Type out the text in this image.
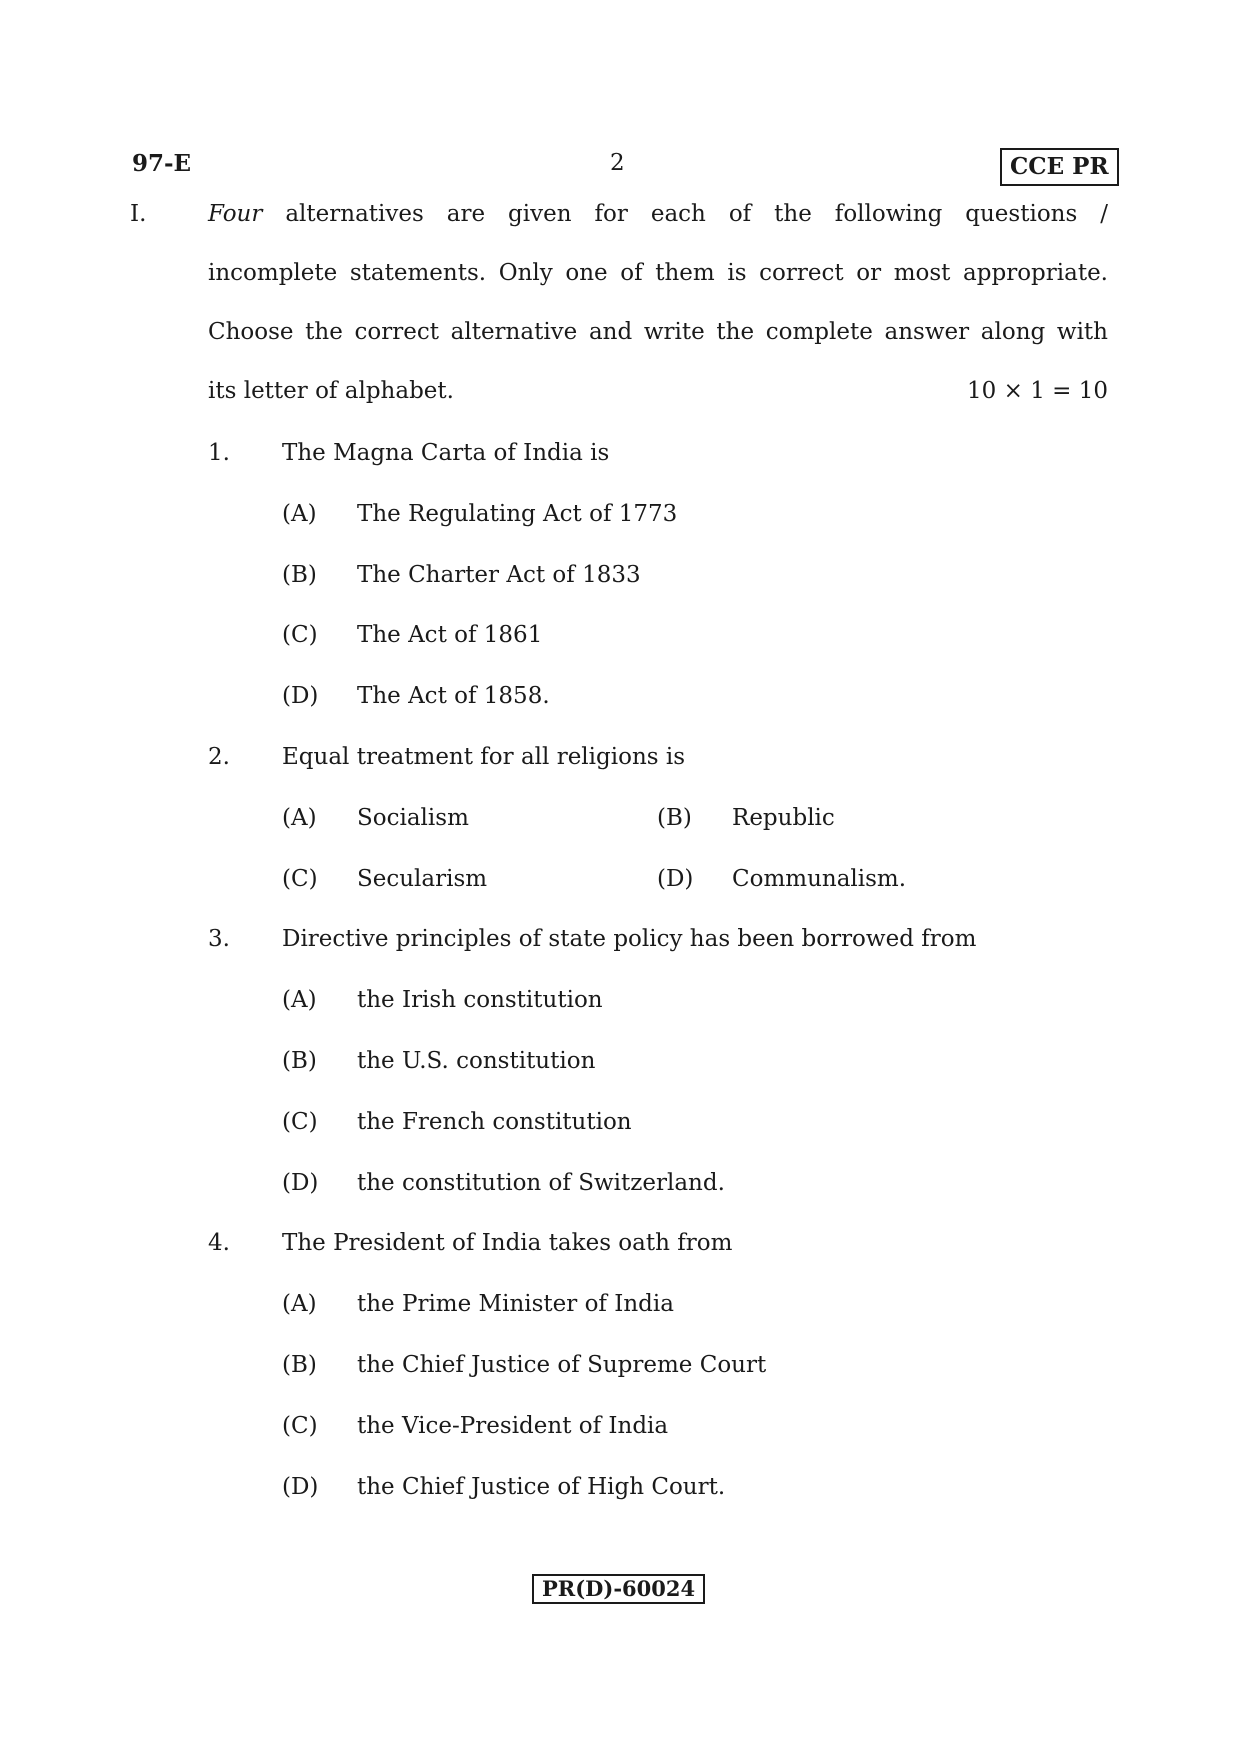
97-E	2	CCE PR
I.	Four alternatives are given for each of the following questions /
incomplete statements. Only one of them is correct or most appropriate.
Choose the correct alternative and write the complete answer along with
its letter of alphabet.	10 × 1 = 10
1. The Magna Carta of India is
(A) The Regulating Act of 1773
(B) The Charter Act of 1833
(C) The Act of 1861
(D) The Act of 1858.
2. Equal treatment for all religions is
(A) Socialism	(B) Republic
(C) Secularism	(D) Communalism.
3. Directive principles of state policy has been borrowed from
(A) the Irish constitution
(B) the U.S. constitution
(C) the French constitution
(D) the constitution of Switzerland.
4. The President of India takes oath from
(A) the Prime Minister of India
(B) the Chief Justice of Supreme Court
(C) the Vice-President of India
(D) the Chief Justice of High Court.
PR(D)-60024
